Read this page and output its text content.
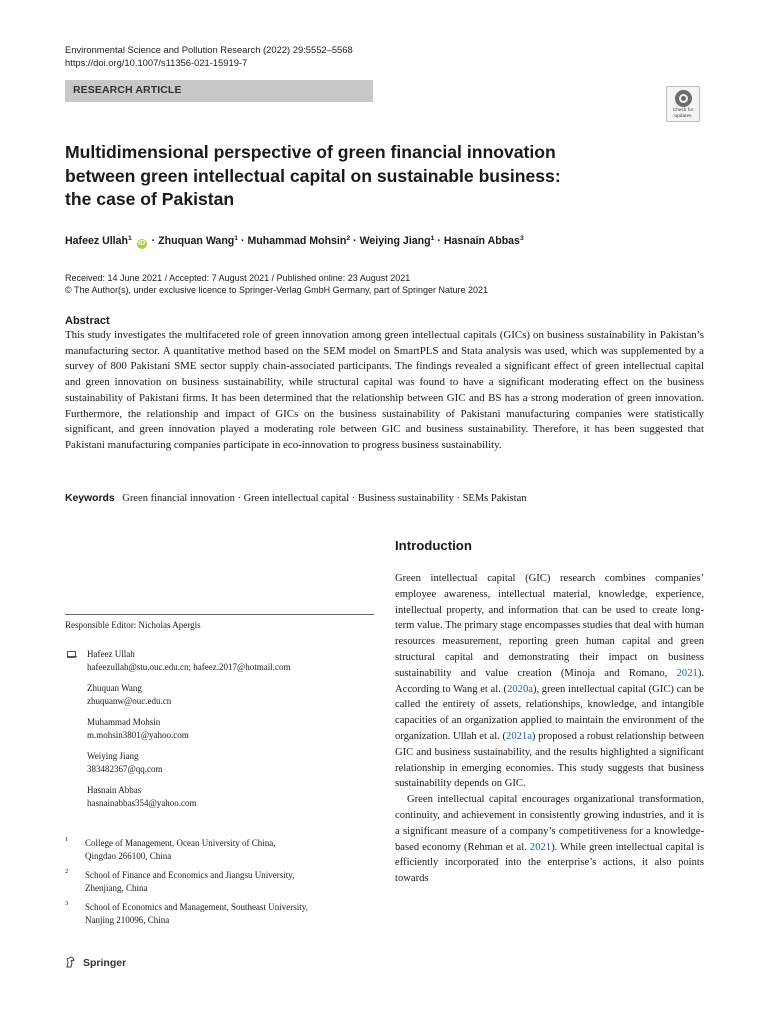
Environmental Science and Pollution Research (2022) 29:5552–5568
https://doi.org/10.1007/s11356-021-15919-7
RESEARCH ARTICLE
Check for
updates
Multidimensional perspective of green financial innovation
between green intellectual capital on sustainable business:
the case of Pakistan
Hafeez Ullah$^1$ iD · Zhuquan Wang$^1$ · Muhammad Mohsin$^2$ · Weiying Jiang$^1$ · Hasnain Abbas$^3$
Received: 14 June 2021 / Accepted: 7 August 2021 / Published online: 23 August 2021
© The Author(s), under exclusive licence to Springer-Verlag GmbH Germany, part of Springer Nature 2021
Abstract
This study investigates the multifaceted role of green innovation among green intellectual capitals (GICs) on business sustainability in Pakistan’s manufacturing sector. A quantitative method based on the SEM model on SmartPLS and Stata analysis was used, which was supplemented by a survey of 800 Pakistani SME sector supply chain-associated participants. The findings revealed a significant effect of green intellectual capital and green innovation on business sustainability, while structural capital was found to have a significant moderating effect on the business sustainability of Pakistani firms. It has been determined that the relationship between GIC and BS has a strong moderation of green innovation. Furthermore, the relationship and impact of GICs on the business sustainability of Pakistani manufacturing companies were statistically significant, and green innovation played a moderating role between GIC and business sustainability. Therefore, it has been suggested that Pakistani manufacturing companies participate in eco-innovation to progress business sustainability.
Keywords Green financial innovation · Green intellectual capital · Business sustainability · SEMs Pakistan
Introduction

Green intellectual capital (GIC) research combines companies’ employee awareness, intellectual material, knowledge, experience, intellectual property, and information that can be used to create long-term value. The primary stage encompasses studies that deal with human resources measurement, reporting green human capital and green structural capital and demonstrating their impact on business sustainability and value creation (Minoja and Romano, 2021). According to Wang et al. (2020a), green intellectual capital (GIC) can be called the entirety of assets, relationships, knowledge, and intangible capacities of an organization applied to maintain the environment of the organization. Ullah et al. (2021a) proposed a robust relationship between GIC and business sustainability, and the results highlighted a significant relationship in emerging economies. This study suggests that business sustainability depends on GIC.

Green intellectual capital encourages organizational transformation, continuity, and achievement in consistently growing industries, and it is a significant measure of a company’s competitiveness for a knowledge-based economy (Rehman et al. 2021). While green intellectual capital is efficiently incorporated into the enterprise’s actions, it also points towards

Responsible Editor: Nicholas Apergis
Hafeez Ullah
hafeezullah@stu.ouc.edu.cn; hafeez.2017@hotmail.com
Zhuquan Wang
zhuquanw@ouc.edu.cn
Muhammad Mohsin
m.mohsin3801@yahoo.com
Weiying Jiang
383482367@qq.com
Hasnain Abbas
hasnainabbas354@yahoo.com
1 College of Management, Ocean University of China,
Qingdao 266100, China
2 School of Finance and Economics and Jiangsu University,
Zhenjiang, China
3 School of Economics and Management, Southeast University,
Nanjing 210096, China
Springer
